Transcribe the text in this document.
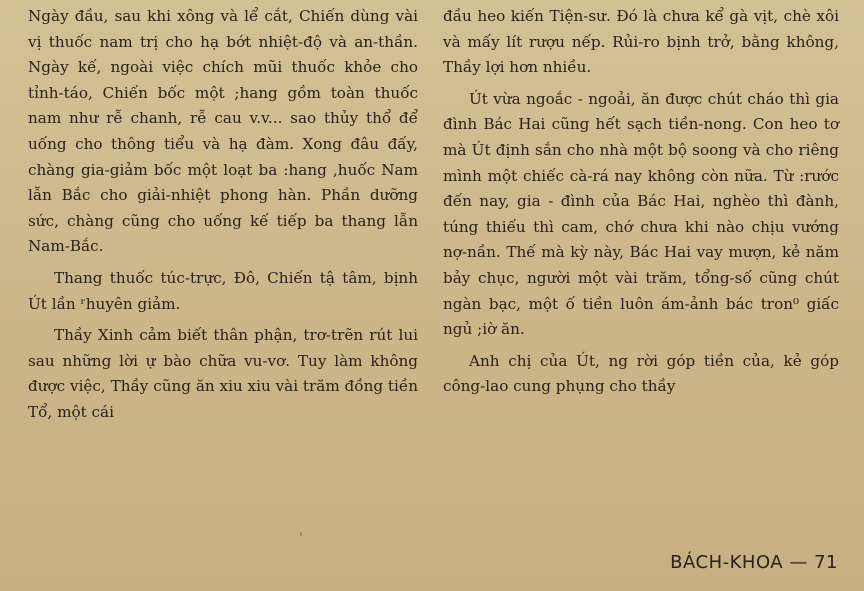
Ngày đầu, sau khi xông và lể cắt, Chiến dùng vài vị thuốc nam trị cho hạ bớt nhiệt-độ và an-thần. Ngày kế, ngoài việc chích mũi thuốc khỏe cho tỉnh-táo, Chiến bốc một ;hang gồm toàn thuốc nam như rễ chanh, rễ cau v.v... sao thủy thổ để uống cho thông tiểu và hạ đàm. Xong đâu đấy, chàng gia-giảm bốc một loạt ba :hang ,huốc Nam lẫn Bắc cho giải-nhiệt phong hàn. Phần dưỡng sức, chàng cũng cho uống kế tiếp ba thang lẫn Nam-Bắc.

Thang thuốc túc-trực, Đô, Chiến tậ tâm, bịnh Út lần ʳhuyên giảm.

Thầy Xinh cảm biết thân phận, trơ-trẽn rút lui sau những lời ự bào chữa vu-vơ. Tuy làm không được việc, Thầy cũng ăn xiu xiu vài trăm đồng tiền Tổ, một cái

đầu heo kiến Tiện-sư. Đó là chưa kể gà vịt, chè xôi và mấy lít rượu nếp. Rủi-ro bịnh trở, bằng không, Thầy lợi hơn nhiều.

Út vừa ngoắc - ngoải, ăn được chút cháo thì gia đình Bác Hai cũng hết sạch tiền-nong. Con heo tơ mà Út định sắn cho nhà một bộ soong và cho riêng mình một chiếc cà-rá nay không còn nữa. Từ :rước đến nay, gia - đình của Bác Hai, nghèo thì đành, túng thiếu thì cam, chớ chưa khi nào chịu vướng nợ-nần. Thế mà kỳ này, Bác Hai vay mượn, kẻ năm bảy chục, người một vài trăm, tổng-số cũng chút ngàn bạc, một ố tiền luôn ám-ảnh bác tron⁰ giấc ngủ ;iờ ăn.

Anh chị của Út, ng rời góp tiền của, kẻ góp công-lao cung phụng cho thầy

BÁCH-KHOA — 71
